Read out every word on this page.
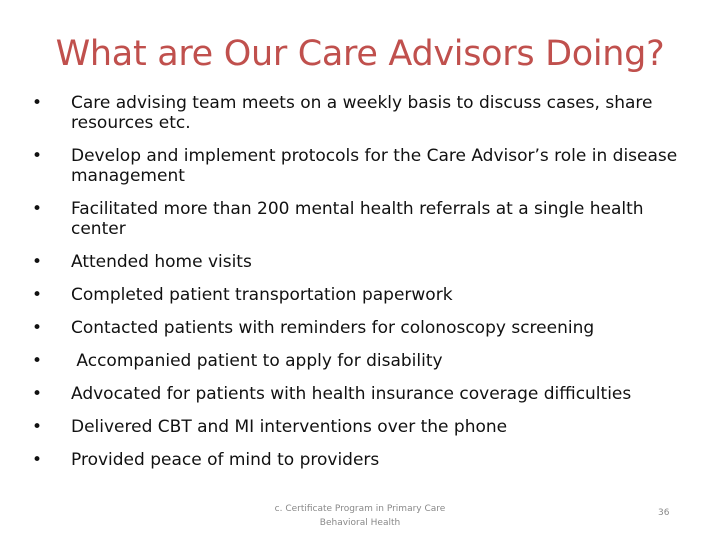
What are Our Care Advisors Doing?
• Care advising team meets on a weekly basis to discuss cases, share resources etc.
• Develop and implement protocols for the Care Advisor’s role in disease management
• Facilitated more than 200 mental health referrals at a single health center
• Attended home visits
• Completed patient transportation paperwork
• Contacted patients with reminders for colonoscopy screening
• Accompanied patient to apply for disability
• Advocated for patients with health insurance coverage difficulties
• Delivered CBT and MI interventions over the phone
• Provided peace of mind to providers
c. Certificate Program in Primary Care Behavioral Health
36
